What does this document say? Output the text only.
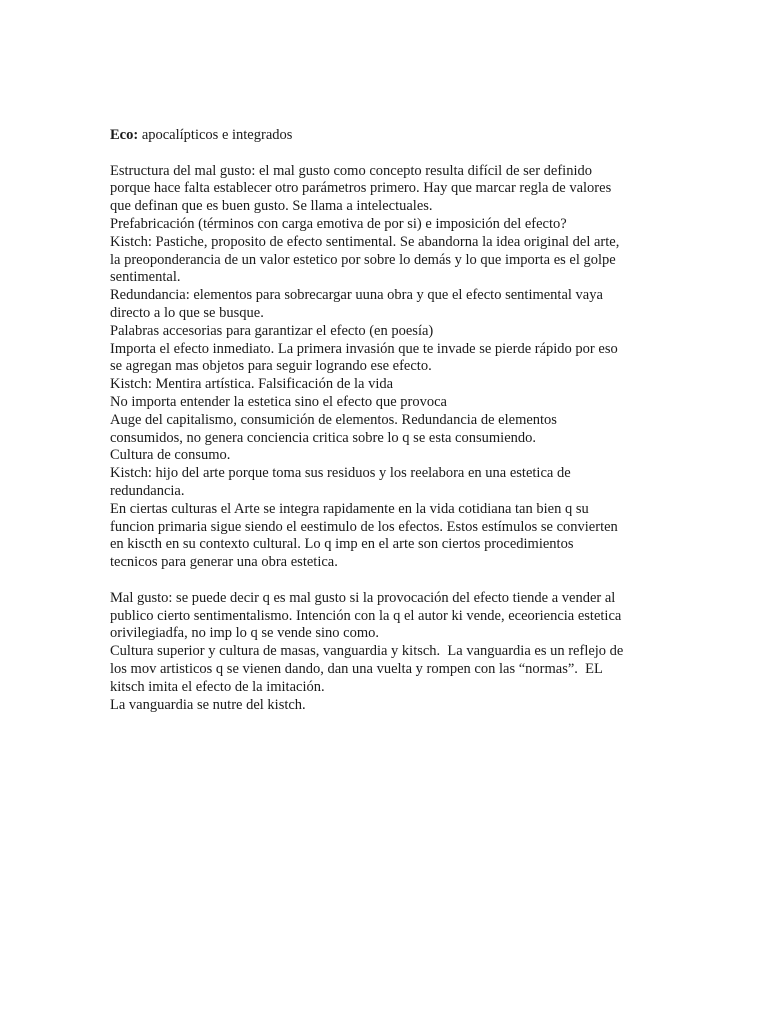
Eco: apocalípticos e integrados
Estructura del mal gusto: el mal gusto como concepto resulta difícil de ser definido
porque hace falta establecer otro parámetros primero. Hay que marcar regla de valores
que definan que es buen gusto. Se llama a intelectuales.
Prefabricación (términos con carga emotiva de por si) e imposición del efecto?
Kistch: Pastiche, proposito de efecto sentimental. Se abandorna la idea original del arte,
la preoponderancia de un valor estetico por sobre lo demás y lo que importa es el golpe
sentimental.
Redundancia: elementos para sobrecargar uuna obra y que el efecto sentimental vaya
directo a lo que se busque.
Palabras accesorias para garantizar el efecto (en poesía)
Importa el efecto inmediato. La primera invasión que te invade se pierde rápido por eso
se agregan mas objetos para seguir logrando ese efecto.
Kistch: Mentira artística. Falsificación de la vida
No importa entender la estetica sino el efecto que provoca
Auge del capitalismo, consumición de elementos. Redundancia de elementos
consumidos, no genera conciencia critica sobre lo q se esta consumiendo.
Cultura de consumo.
Kistch: hijo del arte porque toma sus residuos y los reelabora en una estetica de
redundancia.
En ciertas culturas el Arte se integra rapidamente en la vida cotidiana tan bien q su
funcion primaria sigue siendo el eestimulo de los efectos. Estos estímulos se convierten
en kiscth en su contexto cultural. Lo q imp en el arte son ciertos procedimientos
tecnicos para generar una obra estetica.
Mal gusto: se puede decir q es mal gusto si la provocación del efecto tiende a vender al
publico cierto sentimentalismo. Intención con la q el autor ki vende, eceoriencia estetica
orivilegiadfa, no imp lo q se vende sino como.
Cultura superior y cultura de masas, vanguardia y kitsch.  La vanguardia es un reflejo de
los mov artisticos q se vienen dando, dan una vuelta y rompen con las “normas”.  EL
kitsch imita el efecto de la imitación.
La vanguardia se nutre del kistch.
